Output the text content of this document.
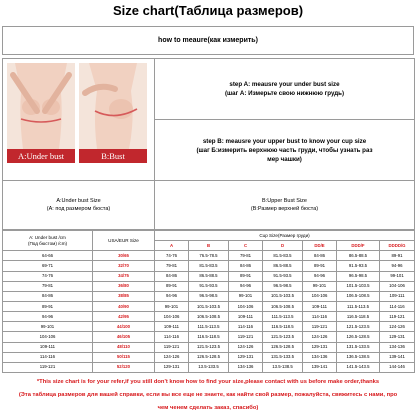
Size chart(Таблица размеров)
how to meaure(как измерить)
A:Under bust	B:Bust
	step A: meausre your under bust size
(шаг А: Измерьте свою нижнюю грудь)
step B: meausre your upper bust to know your cup size
(шаг Б:измерить верхнюю часть груди, чтобы узнать раз
мер чашки)
A:Under bust Size
(A: под размером бюста)	B:Upper Bust Size
(B:Размер верхней бюста)
A: Under bust /cm
(Под бюстом) /cm)	USA/EUR Size	Cup Size(Размер груди)						
		A	B	C	D	DD/E	DDD/F	DDDD/G
64-66	30/65	74-76	76.5-78.5	79-81	81.5-83.5	84-86	86.5-88.5	89-91
69-71	32/70	79-81	81.5-83.5	84-86	86.5-88.5	89-91	91.5-93.5	94-96
74-76	34/75	84-86	86.5-88.5	89-91	91.5-93.5	94-96	96.5-98.5	99-101
79-81	36/80	89-91	91.5-93.5	94-96	96.5-98.5	99-101	101.5-103.5	104-106
84-86	38/85	94-96	96.5-98.5	99-101	101.5-103.5	104-106	106.5-108.5	109-111
89-91	40/90	99-101	101.5-103.5	104-106	106.5-108.5	109-111	111.5-113.5	114-116
94-96	42/95	104-106	106.5-108.5	109-111	111.5-113.5	114-116	116.5-118.5	119-121
99-101	44/100	109-111	111.5-113.5	114-116	116.5-118.5	119-121	121.5-123.5	124-126
104-106	46/105	114-116	116.5-118.5	119-121	121.5-123.5	124-126	126.5-128.5	129-131
109-111	48/110	119-121	121.5-123.5	124-126	126.5-128.5	129-131	131.5-133.5	134-136
114-116	50/115	124-126	126.5-128.5	129-131	131.5-133.5	134-136	136.5-138.5	139-141
119-121	52/120	129-131	13.5-133.5	134-136	13.5-138.5	139-141	141.5-143.5	144-146
*This size chart is for your refer,if you still don't know how to find your size,please contact with us before make order,thanks
(Эта таблица размеров для вашей справки, если вы все еще не знаете, как найти свой размер, пожалуйста, свяжитесь с нами, про
чем ченем сделать заказ, спасибо)
